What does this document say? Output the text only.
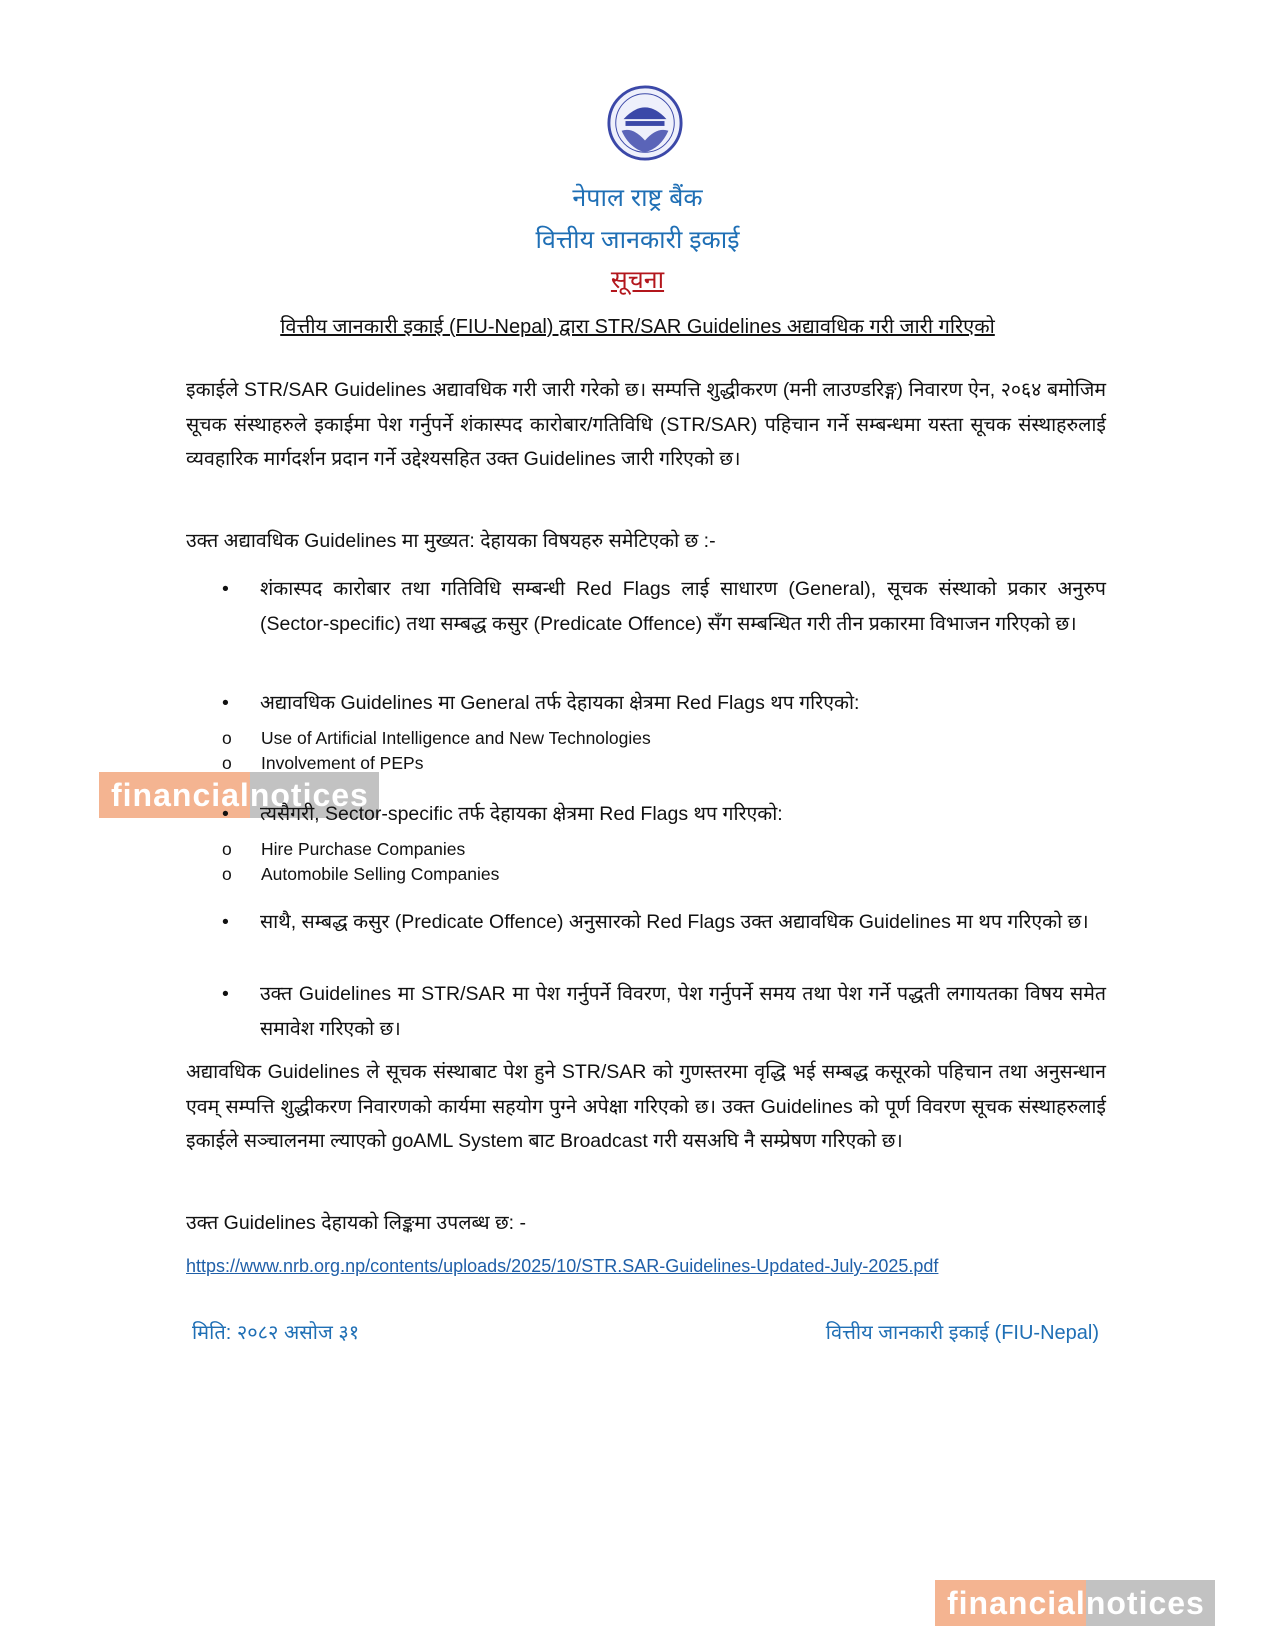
नेपाल राष्ट्र बैंक
वित्तीय जानकारी इकाई
सूचना
वित्तीय जानकारी इकाई (FIU-Nepal) द्वारा STR/SAR Guidelines अद्यावधिक गरी जारी गरिएको
इकाईले STR/SAR Guidelines अद्यावधिक गरी जारी गरेको छ। सम्पत्ति शुद्धीकरण (मनी लाउण्डरिङ्ग) निवारण ऐन, २०६४ बमोजिम सूचक संस्थाहरुले इकाईमा पेश गर्नुपर्ने शंकास्पद कारोबार/गतिविधि (STR/SAR) पहिचान गर्ने सम्बन्धमा यस्ता सूचक संस्थाहरुलाई व्यवहारिक मार्गदर्शन प्रदान गर्ने उद्देश्यसहित उक्त Guidelines जारी गरिएको छ।
उक्त अद्यावधिक Guidelines मा मुख्यत: देहायका विषयहरु समेटिएको छ :-
• शंकास्पद कारोबार तथा गतिविधि सम्बन्धी Red Flags लाई साधारण (General), सूचक संस्थाको प्रकार अनुरुप (Sector-specific) तथा सम्बद्ध कसुर (Predicate Offence) सँग सम्बन्धित गरी तीन प्रकारमा विभाजन गरिएको छ।
• अद्यावधिक Guidelines मा General तर्फ देहायका क्षेत्रमा Red Flags थप गरिएको:
o Use of Artificial Intelligence and New Technologies
o Involvement of PEPs
• त्यसैगरी, Sector-specific तर्फ देहायका क्षेत्रमा Red Flags थप गरिएको:
o Hire Purchase Companies
o Automobile Selling Companies
• साथै, सम्बद्ध कसुर (Predicate Offence) अनुसारको Red Flags उक्त अद्यावधिक Guidelines मा थप गरिएको छ।
• उक्त Guidelines मा STR/SAR मा पेश गर्नुपर्ने विवरण, पेश गर्नुपर्ने समय तथा पेश गर्ने पद्धती लगायतका विषय समेत समावेश गरिएको छ।
अद्यावधिक Guidelines ले सूचक संस्थाबाट पेश हुने STR/SAR को गुणस्तरमा वृद्धि भई सम्बद्ध कसूरको पहिचान तथा अनुसन्धान एवम् सम्पत्ति शुद्धीकरण निवारणको कार्यमा सहयोग पुग्ने अपेक्षा गरिएको छ। उक्त Guidelines को पूर्ण विवरण सूचक संस्थाहरुलाई इकाईले सञ्चालनमा ल्याएको goAML System बाट Broadcast गरी यसअघि नै सम्प्रेषण गरिएको छ।
उक्त Guidelines देहायको लिङ्कमा उपलब्ध छ: -
https://www.nrb.org.np/contents/uploads/2025/10/STR.SAR-Guidelines-Updated-July-2025.pdf
मिति: २०८२ असोज ३१	वित्तीय जानकारी इकाई (FIU-Nepal)
financial notices
financial notices
